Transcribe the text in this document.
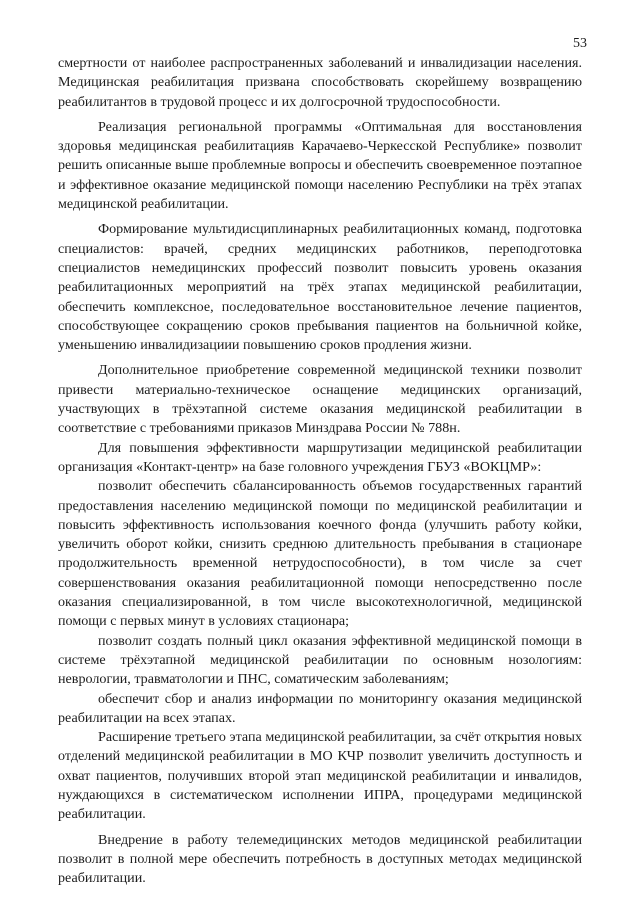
53

смертности от наиболее распространенных заболеваний и инвалидизации населения. Медицинская реабилитация призвана способствовать скорейшему возвращению реабилитантов в трудовой процесс и их долгосрочной трудоспособности.

Реализация региональной программы «Оптимальная для восстановления здоровья медицинская реабилитацияв Карачаево-Черкесской Республике» позволит решить описанные выше проблемные вопросы и обеспечить своевременное поэтапное и эффективное оказание медицинской помощи населению Республики на трёх этапах медицинской реабилитации.

Формирование мультидисциплинарных реабилитационных команд, подготовка специалистов: врачей, средних медицинских работников, переподготовка специалистов немедицинских профессий позволит повысить уровень оказания реабилитационных мероприятий на трёх этапах медицинской реабилитации, обеспечить комплексное, последовательное восстановительное лечение пациентов, способствующее сокращению сроков пребывания пациентов на больничной койке, уменьшению инвалидизациии повышению сроков продления жизни.

Дополнительное приобретение современной медицинской техники позволит привести материально-техническое оснащение медицинских организаций, участвующих в трёхэтапной системе оказания медицинской реабилитации в соответствие с требованиями приказов Минздрава России № 788н.

Для повышения эффективности маршрутизации медицинской реабилитации организация «Контакт-центр» на базе головного учреждения ГБУЗ «ВОКЦМР»:

позволит обеспечить сбалансированность объемов государственных гарантий предоставления населению медицинской помощи по медицинской реабилитации и повысить эффективность использования коечного фонда (улучшить работу койки, увеличить оборот койки, снизить среднюю длительность пребывания в стационаре продолжительность временной нетрудоспособности), в том числе за счет совершенствования оказания реабилитационной помощи непосредственно после оказания специализированной, в том числе высокотехнологичной, медицинской помощи с первых минут в условиях стационара;

позволит создать полный цикл оказания эффективной медицинской помощи в системе трёхэтапной медицинской реабилитации по основным нозологиям: неврологии, травматологии и ПНС, соматическим заболеваниям;

обеспечит сбор и анализ информации по мониторингу оказания медицинской реабилитации на всех этапах.

Расширение третьего этапа медицинской реабилитации, за счёт открытия новых отделений медицинской реабилитации в МО КЧР позволит увеличить доступность и охват пациентов, получивших второй этап медицинской реабилитации и инвалидов, нуждающихся в систематическом исполнении ИПРА, процедурами медицинской реабилитации.

Внедрение в работу телемедицинских методов медицинской реабилитации позволит в полной мере обеспечить потребность в доступных методах медицинской реабилитации.
